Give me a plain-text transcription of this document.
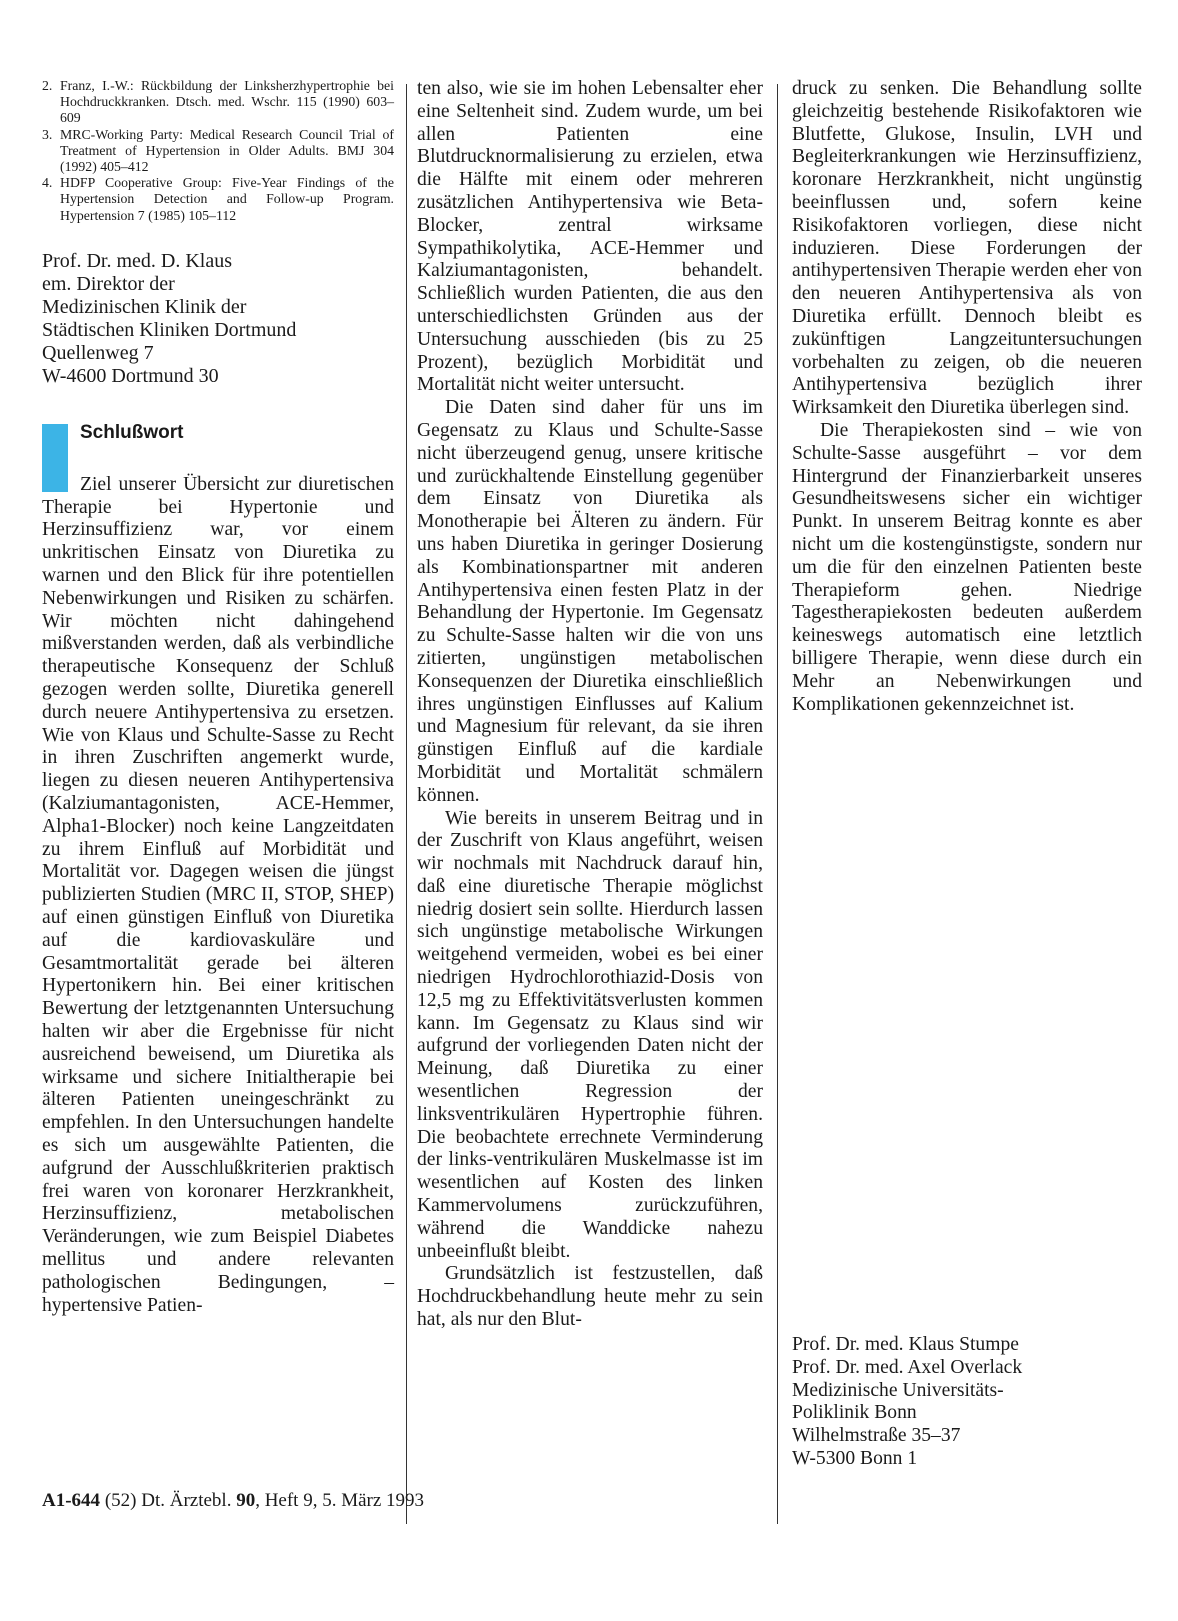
2. Franz, I.-W.: Rückbildung der Linksherzhypertrophie bei Hochdruckkranken. Dtsch. med. Wschr. 115 (1990) 603–609

3. MRC-Working Party: Medical Research Council Trial of Treatment of Hypertension in Older Adults. BMJ 304 (1992) 405–412

4. HDFP Cooperative Group: Five-Year Findings of the Hypertension Detection and Follow-up Program. Hypertension 7 (1985) 105–112

Prof. Dr. med. D. Klaus
em. Direktor der
Medizinischen Klinik der
Städtischen Kliniken Dortmund
Quellenweg 7
W-4600 Dortmund 30
Schlußwort

Ziel unserer Übersicht zur diuretischen Therapie bei Hypertonie und Herzinsuffizienz war, vor einem unkritischen Einsatz von Diuretika zu warnen und den Blick für ihre potentiellen Nebenwirkungen und Risiken zu schärfen. Wir möchten nicht dahingehend mißverstanden werden, daß als verbindliche therapeutische Konsequenz der Schluß gezogen werden sollte, Diuretika generell durch neuere Antihypertensiva zu ersetzen. Wie von Klaus und Schulte-Sasse zu Recht in ihren Zuschriften angemerkt wurde, liegen zu diesen neueren Antihypertensiva (Kalziumantagonisten, ACE-Hemmer, Alpha1-Blocker) noch keine Langzeitdaten zu ihrem Einfluß auf Morbidität und Mortalität vor. Dagegen weisen die jüngst publizierten Studien (MRC II, STOP, SHEP) auf einen günstigen Einfluß von Diuretika auf die kardiovaskuläre und Gesamtmortalität gerade bei älteren Hypertonikern hin. Bei einer kritischen Bewertung der letztgenannten Untersuchung halten wir aber die Ergebnisse für nicht ausreichend beweisend, um Diuretika als wirksame und sichere Initialtherapie bei älteren Patienten uneingeschränkt zu empfehlen. In den Untersuchungen handelte es sich um ausgewählte Patienten, die aufgrund der Ausschlußkriterien praktisch frei waren von koronarer Herzkrankheit, Herzinsuffizienz, metabolischen Veränderungen, wie zum Beispiel Diabetes mellitus und andere relevanten pathologischen Bedingungen, – hypertensive Patien-

ten also, wie sie im hohen Lebensalter eher eine Seltenheit sind. Zudem wurde, um bei allen Patienten eine Blutdrucknormalisierung zu erzielen, etwa die Hälfte mit einem oder mehreren zusätzlichen Antihypertensiva wie Beta-Blocker, zentral wirksame Sympathikolytika, ACE-Hemmer und Kalziumantagonisten, behandelt. Schließlich wurden Patienten, die aus den unterschiedlichsten Gründen aus der Untersuchung ausschieden (bis zu 25 Prozent), bezüglich Morbidität und Mortalität nicht weiter untersucht.

Die Daten sind daher für uns im Gegensatz zu Klaus und Schulte-Sasse nicht überzeugend genug, unsere kritische und zurückhaltende Einstellung gegenüber dem Einsatz von Diuretika als Monotherapie bei Älteren zu ändern. Für uns haben Diuretika in geringer Dosierung als Kombinationspartner mit anderen Antihypertensiva einen festen Platz in der Behandlung der Hypertonie. Im Gegensatz zu Schulte-Sasse halten wir die von uns zitierten, ungünstigen metabolischen Konsequenzen der Diuretika einschließlich ihres ungünstigen Einflusses auf Kalium und Magnesium für relevant, da sie ihren günstigen Einfluß auf die kardiale Morbidität und Mortalität schmälern können.

Wie bereits in unserem Beitrag und in der Zuschrift von Klaus angeführt, weisen wir nochmals mit Nachdruck darauf hin, daß eine diuretische Therapie möglichst niedrig dosiert sein sollte. Hierdurch lassen sich ungünstige metabolische Wirkungen weitgehend vermeiden, wobei es bei einer niedrigen Hydrochlorothiazid-Dosis von 12,5 mg zu Effektivitätsverlusten kommen kann. Im Gegensatz zu Klaus sind wir aufgrund der vorliegenden Daten nicht der Meinung, daß Diuretika zu einer wesentlichen Regression der linksventrikulären Hypertrophie führen. Die beobachtete errechnete Verminderung der links-ventrikulären Muskelmasse ist im wesentlichen auf Kosten des linken Kammervolumens zurückzuführen, während die Wanddicke nahezu unbeeinflußt bleibt.

Grundsätzlich ist festzustellen, daß Hochdruckbehandlung heute mehr zu sein hat, als nur den Blut-

druck zu senken. Die Behandlung sollte gleichzeitig bestehende Risikofaktoren wie Blutfette, Glukose, Insulin, LVH und Begleiterkrankungen wie Herzinsuffizienz, koronare Herzkrankheit, nicht ungünstig beeinflussen und, sofern keine Risikofaktoren vorliegen, diese nicht induzieren. Diese Forderungen der antihypertensiven Therapie werden eher von den neueren Antihypertensiva als von Diuretika erfüllt. Dennoch bleibt es zukünftigen Langzeituntersuchungen vorbehalten zu zeigen, ob die neueren Antihypertensiva bezüglich ihrer Wirksamkeit den Diuretika überlegen sind.

Die Therapiekosten sind – wie von Schulte-Sasse ausgeführt – vor dem Hintergrund der Finanzierbarkeit unseres Gesundheitswesens sicher ein wichtiger Punkt. In unserem Beitrag konnte es aber nicht um die kostengünstigste, sondern nur um die für den einzelnen Patienten beste Therapieform gehen. Niedrige Tagestherapiekosten bedeuten außerdem keineswegs automatisch eine letztlich billigere Therapie, wenn diese durch ein Mehr an Nebenwirkungen und Komplikationen gekennzeichnet ist.

Prof. Dr. med. Klaus Stumpe
Prof. Dr. med. Axel Overlack
Medizinische Universitäts-
Poliklinik Bonn
Wilhelmstraße 35–37
W-5300 Bonn 1
A1-644 (52) Dt. Ärztebl. 90, Heft 9, 5. März 1993
